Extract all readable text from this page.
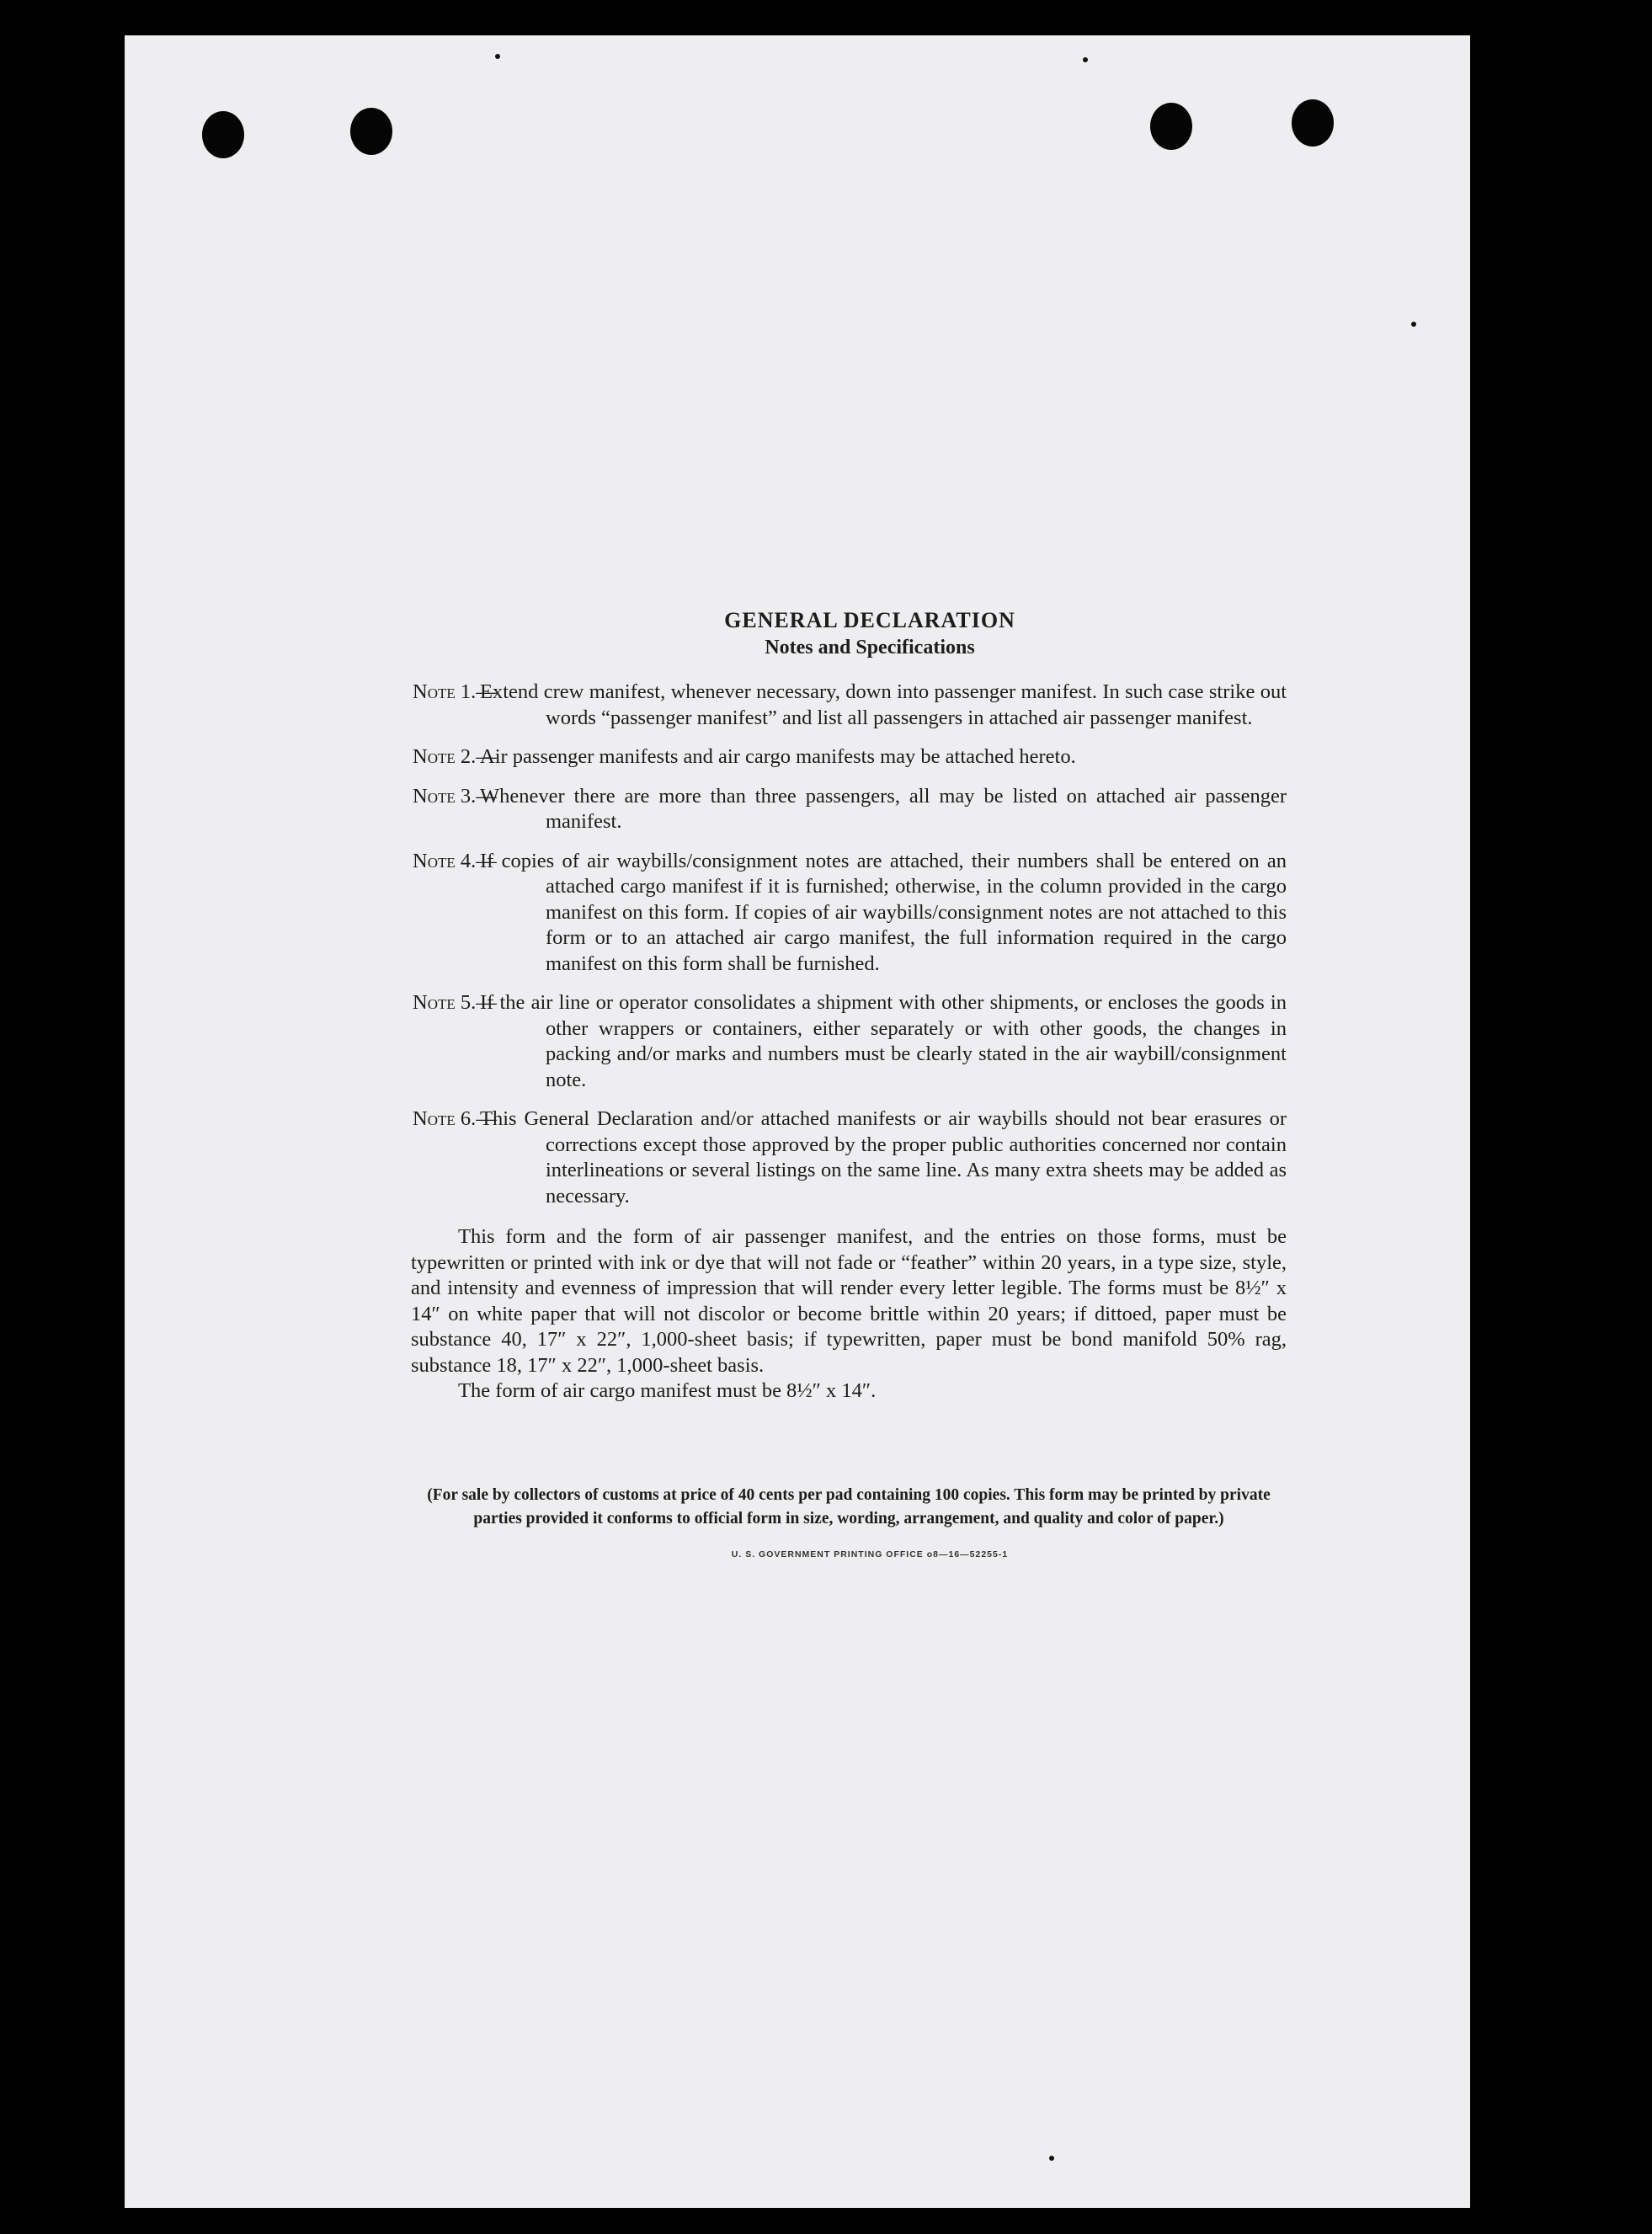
GENERAL DECLARATION
Notes and Specifications
Note 1.—
Extend crew manifest, whenever necessary, down into passenger manifest. In such case strike out words “passenger manifest” and list all passengers in attached air passenger manifest.
Note 2.—
Air passenger manifests and air cargo manifests may be attached hereto.
Note 3.—
Whenever there are more than three passengers, all may be listed on attached air passenger manifest.
Note 4.—
If copies of air waybills/consignment notes are attached, their numbers shall be entered on an attached cargo manifest if it is furnished; otherwise, in the column provided in the cargo manifest on this form. If copies of air waybills/consignment notes are not attached to this form or to an attached air cargo manifest, the full information required in the cargo manifest on this form shall be furnished.
Note 5.—
If the air line or operator consolidates a shipment with other shipments, or encloses the goods in other wrappers or containers, either separately or with other goods, the changes in packing and/or marks and numbers must be clearly stated in the air waybill/consignment note.
Note 6.—
This General Declaration and/or attached manifests or air waybills should not bear erasures or corrections except those approved by the proper public authorities concerned nor contain interlineations or several listings on the same line. As many extra sheets may be added as necessary.
This form and the form of air passenger manifest, and the entries on those forms, must be typewritten or printed with ink or dye that will not fade or “feather” within 20 years, in a type size, style, and intensity and evenness of impression that will render every letter legible. The forms must be 8½″ x 14″ on white paper that will not discolor or become brittle within 20 years; if dittoed, paper must be substance 40, 17″ x 22″, 1,000-sheet basis; if typewritten, paper must be bond manifold 50% rag, substance 18, 17″ x 22″, 1,000-sheet basis.
The form of air cargo manifest must be 8½″ x 14″.
(For sale by collectors of customs at price of 40 cents per pad containing 100 copies. This form may be printed by private parties provided it conforms to official form in size, wording, arrangement, and quality and color of paper.)
U. S. GOVERNMENT PRINTING OFFICE o8—16—52255-1
